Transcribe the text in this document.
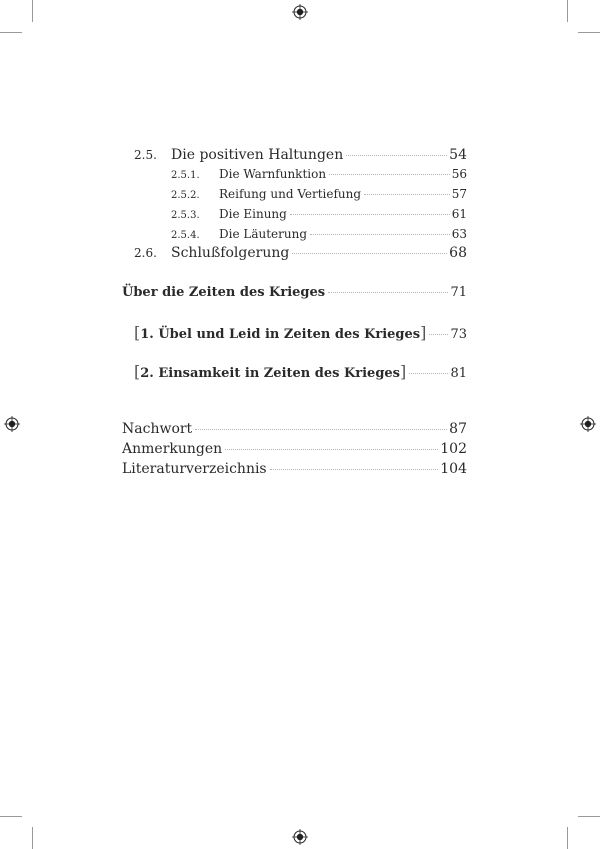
2.5.	Die positiven Haltungen	54
2.5.1.	Die Warnfunktion	56
2.5.2.	Reifung und Vertiefung	57
2.5.3.	Die Einung	61
2.5.4.	Die Läuterung	63
2.6.	Schlußfolgerung	68
Über die Zeiten des Krieges	71
[ 1. Übel und Leid in Zeiten des Krieges ] 73
[ 2. Einsamkeit in Zeiten des Krieges ]	81
Nachwort	87
Anmerkungen	102
Literaturverzeichnis	104
